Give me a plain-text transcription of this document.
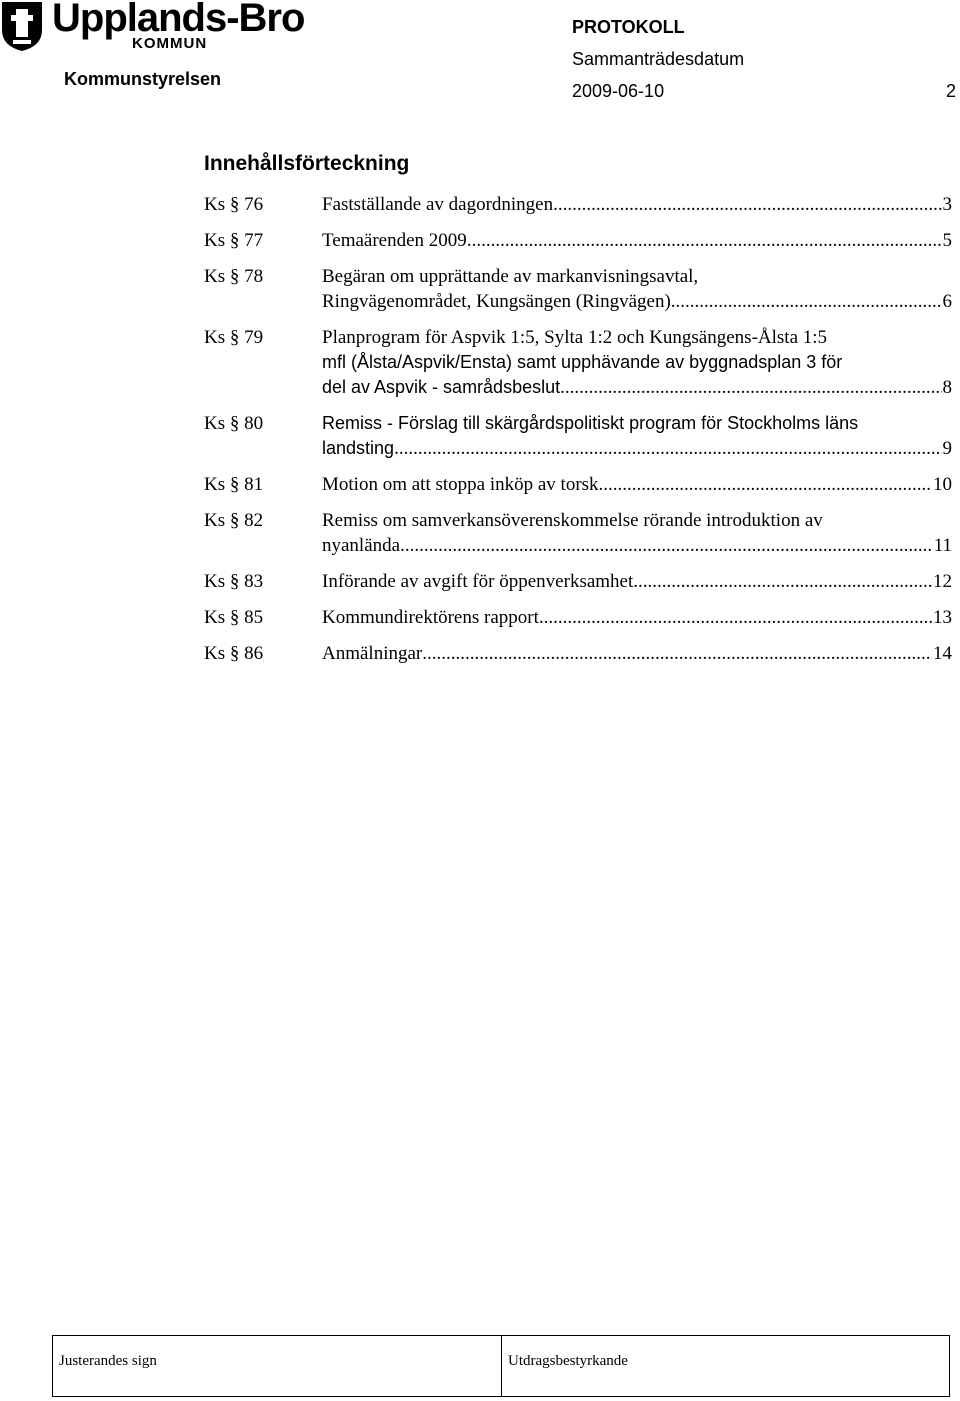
Upplands-Bro
KOMMUN
Kommunstyrelsen
PROTOKOLL
Sammanträdesdatum
2009-06-10	2
Innehållsförteckning
Ks § 76	Fastställande av dagordningen .....	3
Ks § 77	Temaärenden 2009 .....	5
Ks § 78	Begäran om upprättande av markanvisningsavtal,
Ringvägenområdet, Kungsängen (Ringvägen) .....	6
Ks § 79	Planprogram för Aspvik 1:5, Sylta 1:2 och Kungsängens-Ålsta 1:5
mfl (Ålsta/Aspvik/Ensta) samt upphävande av byggnadsplan 3 för
del av Aspvik - samrådsbeslut .....	8
Ks § 80	Remiss - Förslag till skärgårdspolitiskt program för Stockholms läns
landsting .....	9
Ks § 81	Motion om att stoppa inköp av torsk .....	10
Ks § 82	Remiss om samverkansöverenskommelse rörande introduktion av
nyanlända .....	11
Ks § 83	Införande av avgift för öppenverksamhet .....	12
Ks § 85	Kommundirektörens rapport .....	13
Ks § 86	Anmälningar .....	14
Justerandes sign	Utdragsbestyrkande
